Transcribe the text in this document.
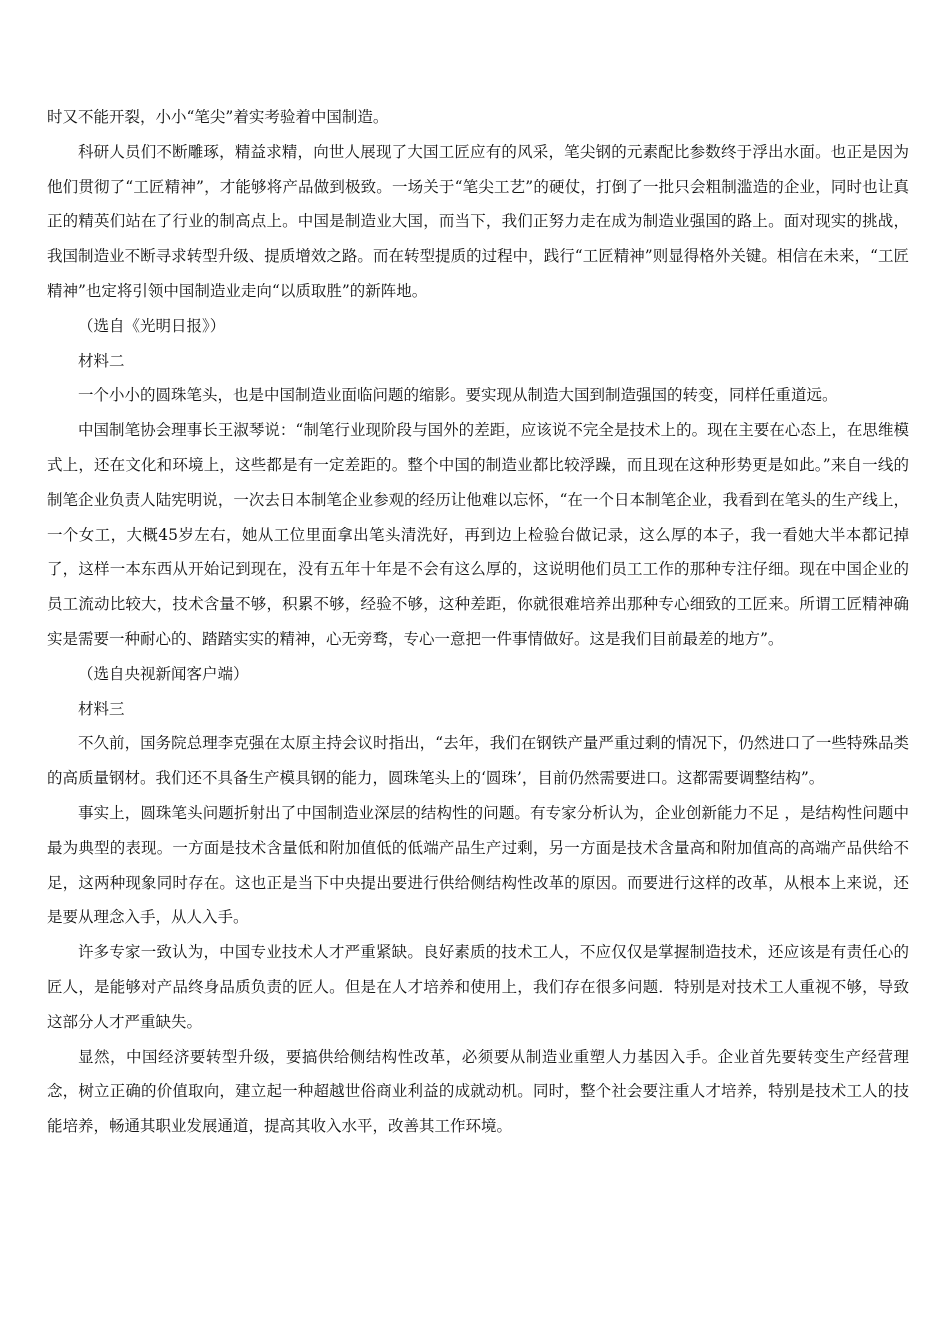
时又不能开裂，小小“笔尖”着实考验着中国制造。

科研人员们不断雕琢，精益求精，向世人展现了大国工匠应有的风采，笔尖钢的元素配比参数终于浮出水面。也正是因为他们贯彻了“工匠精神”，才能够将产品做到极致。一场关于“笔尖工艺”的硬仗，打倒了一批只会粗制滥造的企业，同时也让真正的精英们站在了行业的制高点上。中国是制造业大国，而当下，我们正努力走在成为制造业强国的路上。面对现实的挑战，我国制造业不断寻求转型升级、提质增效之路。而在转型提质的过程中，践行“工匠精神”则显得格外关键。相信在未来，“工匠精神”也定将引领中国制造业走向“以质取胜”的新阵地。

（选自《光明日报》）

材料二

一个小小的圆珠笔头，也是中国制造业面临问题的缩影。要实现从制造大国到制造强国的转变，同样任重道远。

中国制笔协会理事长王淑琴说：“制笔行业现阶段与国外的差距，应该说不完全是技术上的。现在主要在心态上，在思维模式上，还在文化和环境上，这些都是有一定差距的。整个中国的制造业都比较浮躁，而且现在这种形势更是如此。”来自一线的制笔企业负责人陆宪明说，一次去日本制笔企业参观的经历让他难以忘怀，“在一个日本制笔企业，我看到在笔头的生产线上，一个女工，大概45岁左右，她从工位里面拿出笔头清洗好，再到边上检验台做记录，这么厚的本子，我一看她大半本都记掉了，这样一本东西从开始记到现在，没有五年十年是不会有这么厚的，这说明他们员工工作的那种专注仔细。现在中国企业的员工流动比较大，技术含量不够，积累不够，经验不够，这种差距，你就很难培养出那种专心细致的工匠来。所谓工匠精神确实是需要一种耐心的、踏踏实实的精神，心无旁骛，专心一意把一件事情做好。这是我们目前最差的地方”。

（选自央视新闻客户端）

材料三

不久前，国务院总理李克强在太原主持会议时指出，“去年，我们在钢铁产量严重过剩的情况下，仍然进口了一些特殊品类的高质量钢材。我们还不具备生产模具钢的能力，圆珠笔头上的‘圆珠’，目前仍然需要进口。这都需要调整结构”。

事实上，圆珠笔头问题折射出了中国制造业深层的结构性的问题。有专家分析认为，企业创新能力不足 ，是结构性问题中最为典型的表现。一方面是技术含量低和附加值低的低端产品生产过剩，另一方面是技术含量高和附加值高的高端产品供给不足，这两种现象同时存在。这也正是当下中央提出要进行供给侧结构性改革的原因。而要进行这样的改革，从根本上来说，还是要从理念入手，从人入手。

许多专家一致认为，中国专业技术人才严重紧缺。良好素质的技术工人，不应仅仅是掌握制造技术，还应该是有责任心的匠人，是能够对产品终身品质负责的匠人。但是在人才培养和使用上，我们存在很多问题．特别是对技术工人重视不够，导致这部分人才严重缺失。

显然，中国经济要转型升级，要搞供给侧结构性改革，必须要从制造业重塑人力基因入手。企业首先要转变生产经营理念，树立正确的价值取向，建立起一种超越世俗商业利益的成就动机。同时，整个社会要注重人才培养，特别是技术工人的技能培养，畅通其职业发展通道，提高其收入水平，改善其工作环境。
